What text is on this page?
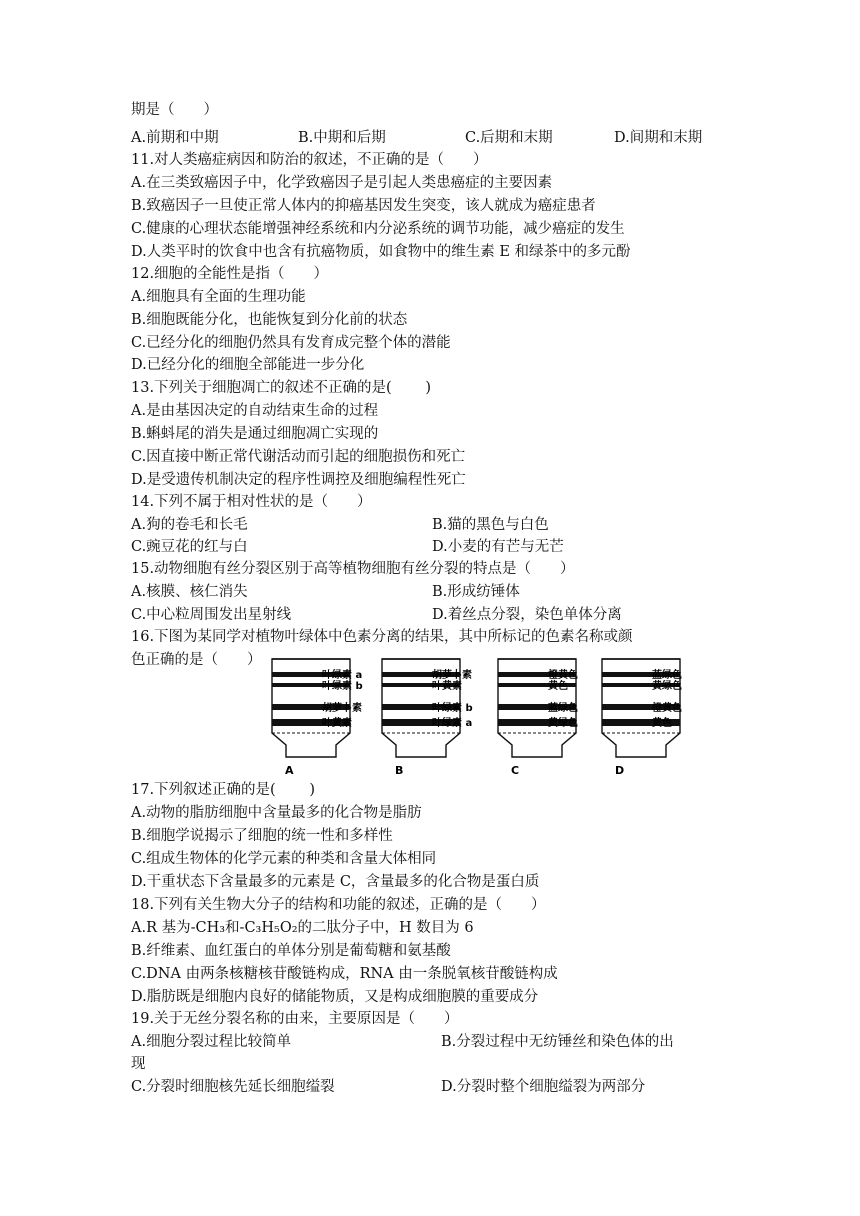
期是（　　）
A.前期和中期	B.中期和后期	C.后期和末期	D.间期和末期
11.对人类癌症病因和防治的叙述，不正确的是（　　）
A.在三类致癌因子中，化学致癌因子是引起人类患癌症的主要因素
B.致癌因子一旦使正常人体内的抑癌基因发生突变，该人就成为癌症患者
C.健康的心理状态能增强神经系统和内分泌系统的调节功能，减少癌症的发生
D.人类平时的饮食中也含有抗癌物质，如食物中的维生素 E 和绿茶中的多元酚
12.细胞的全能性是指（　　）
A.细胞具有全面的生理功能
B.细胞既能分化，也能恢复到分化前的状态
C.已经分化的细胞仍然具有发育成完整个体的潜能
D.已经分化的细胞全部能进一步分化
13.下列关于细胞凋亡的叙述不正确的是(　　 )
A.是由基因决定的自动结束生命的过程
B.蝌蚪尾的消失是通过细胞凋亡实现的
C.因直接中断正常代谢活动而引起的细胞损伤和死亡
D.是受遗传机制决定的程序性调控及细胞编程性死亡
14.下列不属于相对性状的是（　　）
A.狗的卷毛和长毛	B.猫的黑色与白色
C.豌豆花的红与白	D.小麦的有芒与无芒
15.动物细胞有丝分裂区别于高等植物细胞有丝分裂的特点是（　　）
A.核膜、核仁消失	B.形成纺锤体
C.中心粒周围发出星射线	D.着丝点分裂，染色单体分离
16.下图为某同学对植物叶绿体中色素分离的结果，其中所标记的色素名称或颜
色正确的是（　　）
叶绿素 a
叶绿素 b
胡萝卜素
叶黄素
A
胡萝卜素
叶黄素
叶绿素 b
叶绿素 a
B
橙黄色
黄色
蓝绿色
黄绿色
C
蓝绿色
黄绿色
橙黄色
黄色
D
17.下列叙述正确的是(　　 )
A.动物的脂肪细胞中含量最多的化合物是脂肪
B.细胞学说揭示了细胞的统一性和多样性
C.组成生物体的化学元素的种类和含量大体相同
D.干重状态下含量最多的元素是 C，含量最多的化合物是蛋白质
18.下列有关生物大分子的结构和功能的叙述，正确的是（　　）
A.R 基为-CH₃和-C₃H₅O₂的二肽分子中，H 数目为 6
B.纤维素、血红蛋白的单体分别是葡萄糖和氨基酸
C.DNA 由两条核糖核苷酸链构成，RNA 由一条脱氧核苷酸链构成
D.脂肪既是细胞内良好的储能物质，又是构成细胞膜的重要成分
19.关于无丝分裂名称的由来，主要原因是（　　）
A.细胞分裂过程比较简单	B.分裂过程中无纺锤丝和染色体的出
现
C.分裂时细胞核先延长细胞缢裂	D.分裂时整个细胞缢裂为两部分
